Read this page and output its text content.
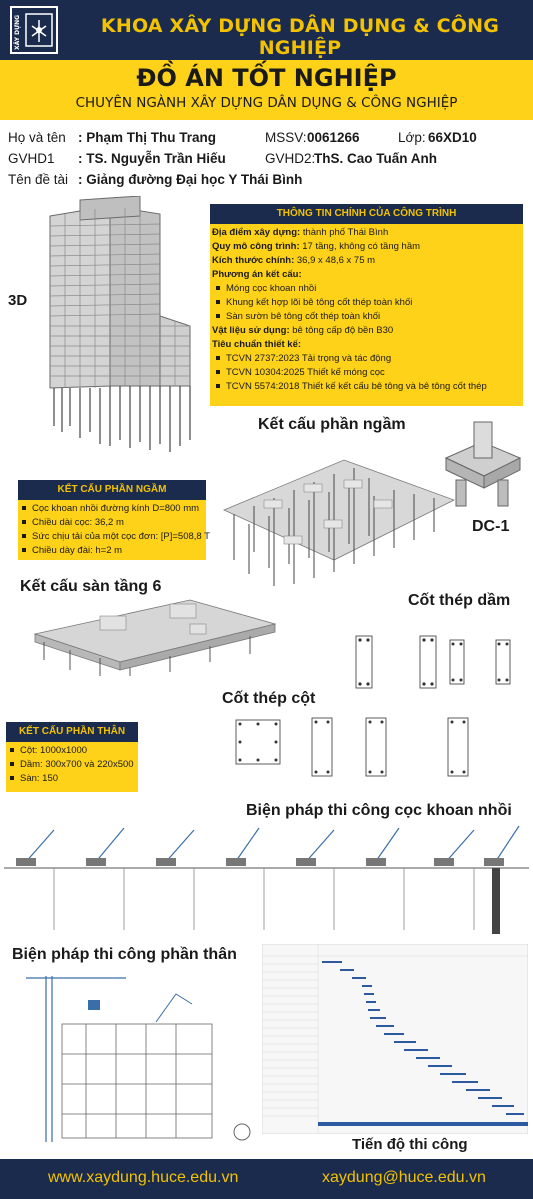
XÂY DỰNG	KHOA XÂY DỰNG DÂN DỤNG & CÔNG NGHIỆP
ĐỒ ÁN TỐT NGHIỆP
CHUYÊN NGÀNH XÂY DỰNG DÂN DỤNG & CÔNG NGHIỆP
Họ và tên : Phạm Thị Thu Trang	MSSV: 0061266	Lớp: 66XD10
GVHD1 : TS. Nguyễn Trần Hiếu	GVHD2:
ThS. Cao Tuấn Anh
Tên đề tài : Giảng đường Đại học Y Thái Bình
3D
THÔNG TIN CHÍNH CỦA CÔNG TRÌNH
Địa điểm xây dựng: thành phố Thái Bình
Quy mô công trình: 17 tầng, không có tầng hầm
Kích thước chính: 36,9 x 48,6 x 75 m
Phương án kết cấu:
Móng cọc khoan nhồi
Khung kết hợp lõi bê tông cốt thép toàn khối
Sàn sườn bê tông cốt thép toàn khối
Vật liệu sử dụng: bê tông cấp độ bền B30
Tiêu chuẩn thiết kế:
TCVN 2737:2023 Tải trọng và tác động
TCVN 10304:2025 Thiết kế móng cọc
TCVN 5574:2018 Thiết kế kết cấu bê tông và bê tông cốt thép
Kết cấu phần ngầm
DC-1
KẾT CẤU PHẦN NGẦM
Cọc khoan nhồi đường kính D=800 mm
Chiều dài cọc: 36,2 m
Sức chịu tải của một cọc đơn: [P]=508,8 T
Chiều dày đài: h=2 m
Kết cấu sàn tầng 6
Cốt thép dầm
KẾT CẤU PHẦN THÂN
Cột: 1000x1000
Dầm: 300x700 và 220x500
Sàn: 150
Cốt thép cột
Biện pháp thi công cọc khoan nhồi
Biện pháp thi công phần thân
Tiến độ thi công
www.xaydung.huce.edu.vn	xaydung@huce.edu.vn
